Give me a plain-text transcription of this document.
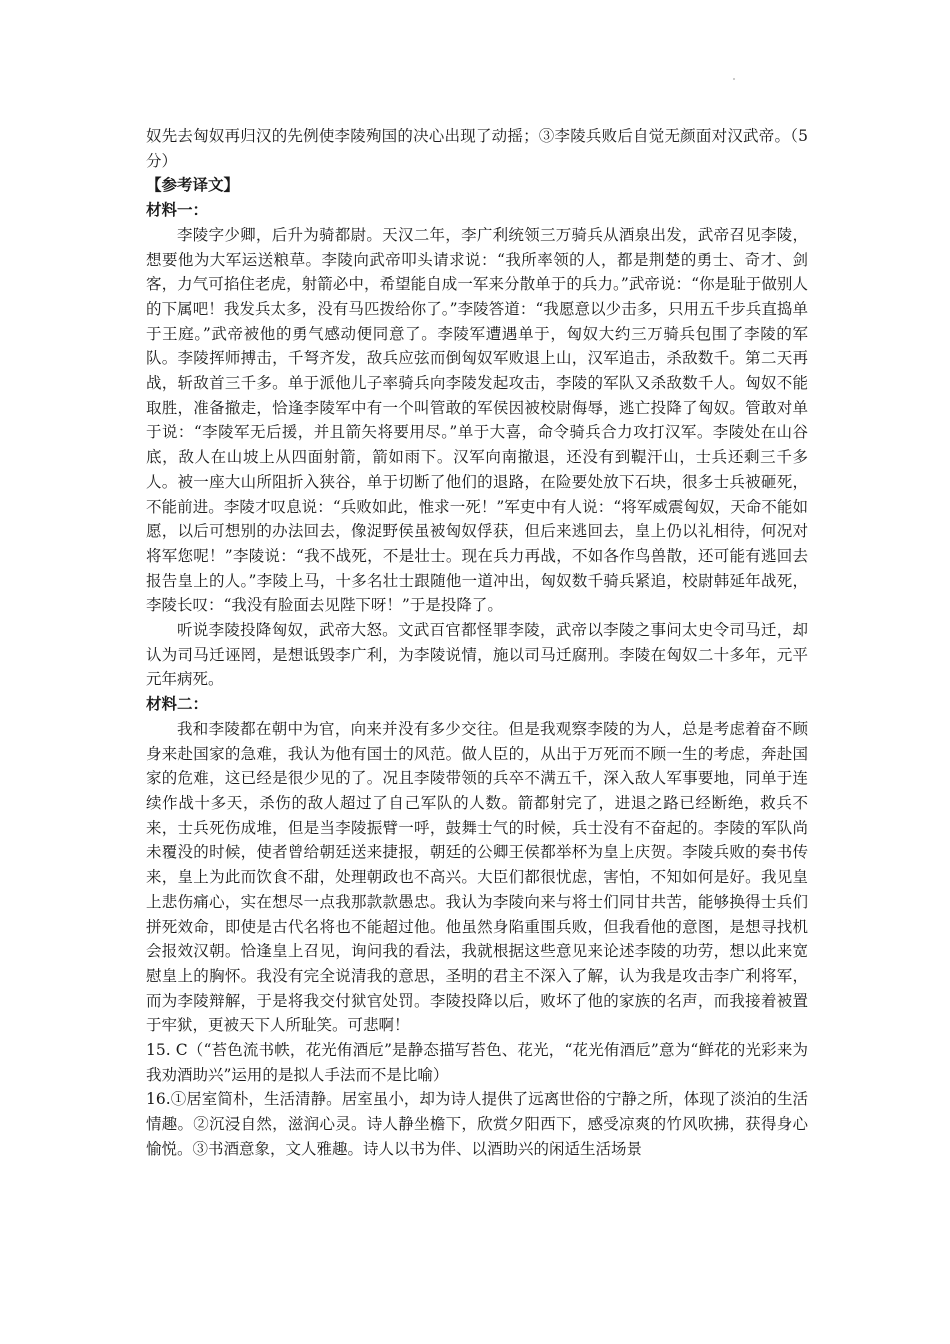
奴先去匈奴再归汉的先例使李陵殉国的决心出现了动摇；③李陵兵败后自觉无颜面对汉武帝。（5分）

【参考译文】

材料一：

李陵字少卿，后升为骑都尉。天汉二年，李广利统领三万骑兵从酒泉出发，武帝召见李陵，想要他为大军运送粮草。李陵向武帝叩头请求说：“我所率领的人，都是荆楚的勇士、奇才、剑客，力气可掐住老虎，射箭必中，希望能自成一军来分散单于的兵力。”武帝说：“你是耻于做别人的下属吧！我发兵太多，没有马匹拨给你了。”李陵答道：“我愿意以少击多，只用五千步兵直捣单于王庭。”武帝被他的勇气感动便同意了。李陵军遭遇单于，匈奴大约三万骑兵包围了李陵的军队。李陵挥师搏击，千弩齐发，敌兵应弦而倒匈奴军败退上山，汉军追击，杀敌数千。第二天再战，斩敌首三千多。单于派他儿子率骑兵向李陵发起攻击，李陵的军队又杀敌数千人。匈奴不能取胜，准备撤走，恰逢李陵军中有一个叫管敢的军侯因被校尉侮辱，逃亡投降了匈奴。管敢对单于说：“李陵军无后援，并且箭矢将要用尽。”单于大喜，命令骑兵合力攻打汉军。李陵处在山谷底，敌人在山坡上从四面射箭，箭如雨下。汉军向南撤退，还没有到鞮汗山，士兵还剩三千多人。被一座大山所阻折入狭谷，单于切断了他们的退路，在险要处放下石块，很多士兵被砸死，不能前进。李陵才叹息说：“兵败如此，惟求一死！”军吏中有人说：“将军威震匈奴，天命不能如愿，以后可想别的办法回去，像浞野侯虽被匈奴俘获，但后来逃回去，皇上仍以礼相待，何况对将军您呢！”李陵说：“我不战死，不是壮士。现在兵力再战，不如各作鸟兽散，还可能有逃回去报告皇上的人。”李陵上马，十多名壮士跟随他一道冲出，匈奴数千骑兵紧追，校尉韩延年战死，李陵长叹：“我没有脸面去见陛下呀！”于是投降了。

听说李陵投降匈奴，武帝大怒。文武百官都怪罪李陵，武帝以李陵之事问太史令司马迁，却认为司马迁诬罔，是想诋毁李广利，为李陵说情，施以司马迁腐刑。李陵在匈奴二十多年，元平元年病死。

材料二：

我和李陵都在朝中为官，向来并没有多少交往。但是我观察李陵的为人，总是考虑着奋不顾身来赴国家的急难，我认为他有国士的风范。做人臣的，从出于万死而不顾一生的考虑，奔赴国家的危难，这已经是很少见的了。况且李陵带领的兵卒不满五千，深入敌人军事要地，同单于连续作战十多天，杀伤的敌人超过了自己军队的人数。箭都射完了，进退之路已经断绝，救兵不来，士兵死伤成堆，但是当李陵振臂一呼，鼓舞士气的时候，兵士没有不奋起的。李陵的军队尚未覆没的时候，使者曾给朝廷送来捷报，朝廷的公卿王侯都举杯为皇上庆贺。李陵兵败的奏书传来，皇上为此而饮食不甜，处理朝政也不高兴。大臣们都很忧虑，害怕，不知如何是好。我见皇上悲伤痛心，实在想尽一点我那款款愚忠。我认为李陵向来与将士们同甘共苦，能够换得士兵们拼死效命，即使是古代名将也不能超过他。他虽然身陷重围兵败，但我看他的意图，是想寻找机会报效汉朝。恰逢皇上召见，询问我的看法，我就根据这些意见来论述李陵的功劳，想以此来宽慰皇上的胸怀。我没有完全说清我的意思，圣明的君主不深入了解，认为我是攻击李广利将军，而为李陵辩解，于是将我交付狱官处罚。李陵投降以后，败坏了他的家族的名声，而我接着被置于牢狱，更被天下人所耻笑。可悲啊！

15. C（“苔色流书帙，花光侑酒卮”是静态描写苔色、花光，“花光侑酒卮”意为“鲜花的光彩来为我劝酒助兴”运用的是拟人手法而不是比喻）

16.①居室简朴，生活清静。居室虽小，却为诗人提供了远离世俗的宁静之所，体现了淡泊的生活情趣。②沉浸自然，滋润心灵。诗人静坐檐下，欣赏夕阳西下，感受凉爽的竹风吹拂，获得身心愉悦。③书酒意象，文人雅趣。诗人以书为伴、以酒助兴的闲适生活场景
